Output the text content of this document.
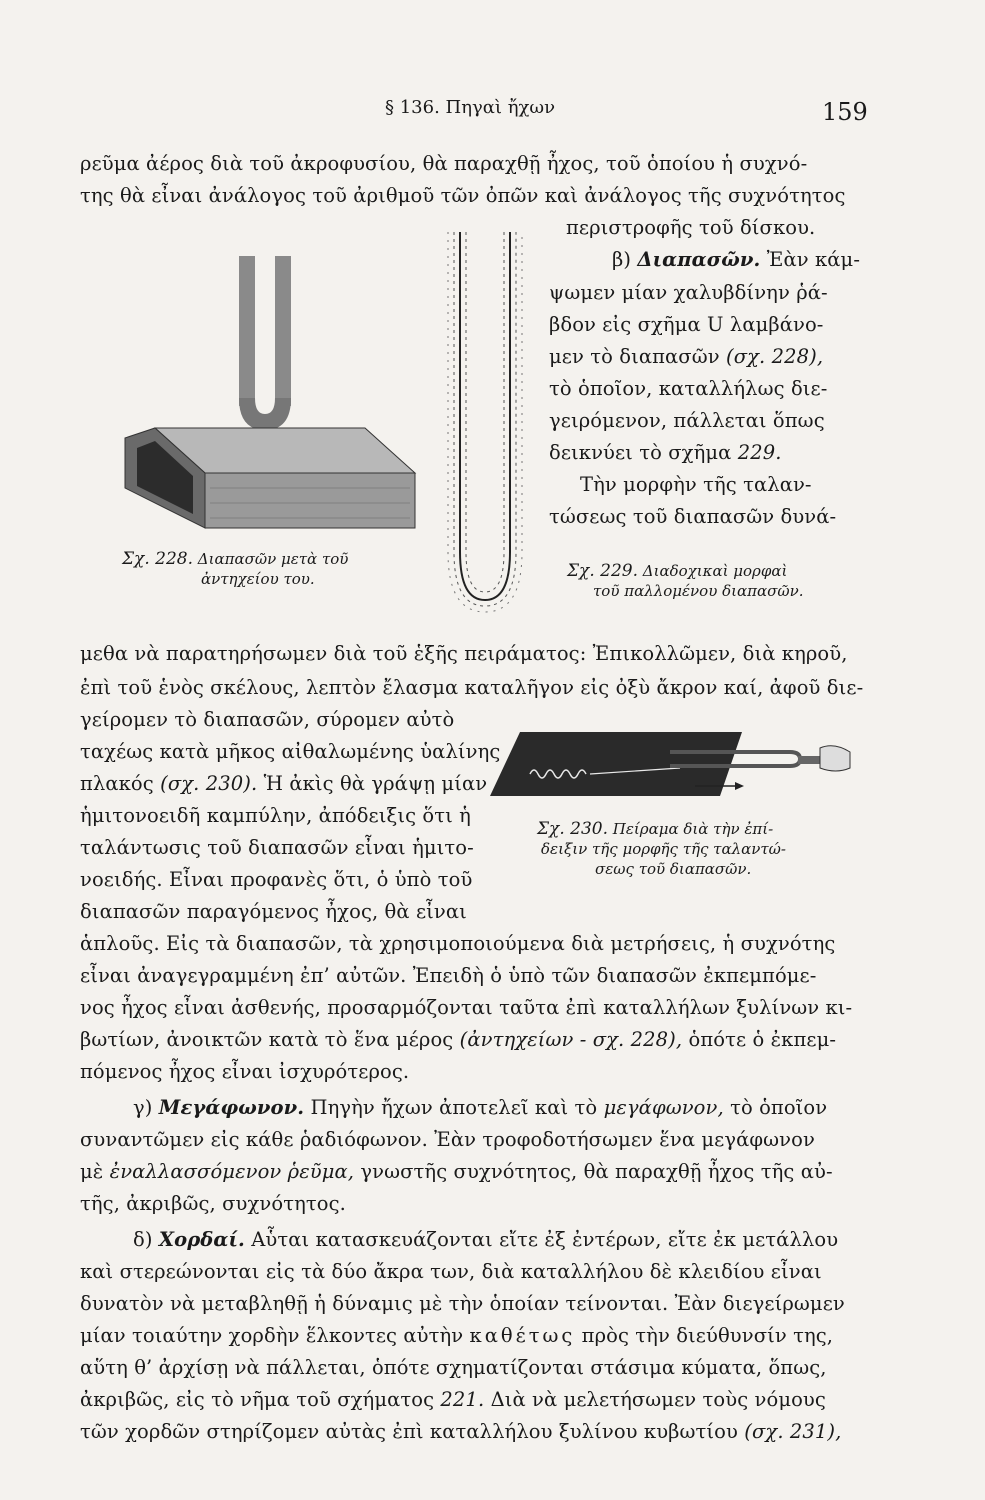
§ 136. Πηγαὶ ἤχων	159
ρεῦμα ἀέρος διὰ τοῦ ἀκροφυσίου, θὰ παραχθῇ ἦχος, τοῦ ὁποίου ἡ συχνό-
της θὰ εἶναι ἀνάλογος τοῦ ἀριθμοῦ τῶν ὀπῶν καὶ ἀνάλογος τῆς συχνότητος
περιστροφῆς τοῦ δίσκου.
β) Διαπασῶν. Ἐὰν κάμ-
ψωμεν μίαν χαλυβδίνην ῥά-
βδον εἰς σχῆμα U λαμβάνο-
μεν τὸ διαπασῶν (σχ. 228),
τὸ ὁποῖον, καταλλήλως διε-
γειρόμενον, πάλλεται ὅπως
δεικνύει τὸ σχῆμα 229.
Τὴν μορφὴν τῆς ταλαν-
τώσεως τοῦ διαπασῶν δυνά-
Σχ. 228. Διαπασῶν μετὰ τοῦ
ἀντηχείου του.	Σχ. 229. Διαδοχικαὶ μορφαὶ
τοῦ παλλομένου διαπασῶν.
μεθα νὰ παρατηρήσωμεν διὰ τοῦ ἑξῆς πειράματος: Ἐπικολλῶμεν, διὰ κηροῦ,
ἐπὶ τοῦ ἑνὸς σκέλους, λεπτὸν ἔλασμα καταλῆγον εἰς ὀξὺ ἄκρον καί, ἀφοῦ διε-
γείρομεν τὸ διαπασῶν, σύρομεν αὐτὸ
ταχέως κατὰ μῆκος αἰθαλωμένης ὑαλίνης
πλακός (σχ. 230). Ἡ ἀκὶς θὰ γράψῃ μίαν
ἡμιτονοειδῆ καμπύλην, ἀπόδειξις ὅτι ἡ
ταλάντωσις τοῦ διαπασῶν εἶναι ἡμιτο-
νοειδής. Εἶναι προφανὲς ὅτι, ὁ ὑπὸ τοῦ
διαπασῶν παραγόμενος ἦχος, θὰ εἶναι
Σχ. 230. Πείραμα διὰ τὴν ἐπί-
δειξιν τῆς μορφῆς τῆς ταλαντώ-
σεως τοῦ διαπασῶν.
ἁπλοῦς. Εἰς τὰ διαπασῶν, τὰ χρησιμοποιούμενα διὰ μετρήσεις, ἡ συχνότης
εἶναι ἀναγεγραμμένη ἐπ’ αὐτῶν. Ἐπειδὴ ὁ ὑπὸ τῶν διαπασῶν ἐκπεμπόμε-
νος ἦχος εἶναι ἀσθενής, προσαρμόζονται ταῦτα ἐπὶ καταλλήλων ξυλίνων κι-
βωτίων, ἀνοικτῶν κατὰ τὸ ἕνα μέρος (ἀντηχείων - σχ. 228), ὁπότε ὁ ἐκπεμ-
πόμενος ἦχος εἶναι ἰσχυρότερος.
γ) Μεγάφωνον. Πηγὴν ἤχων ἀποτελεῖ καὶ τὸ μεγάφωνον, τὸ ὁποῖον
συναντῶμεν εἰς κάθε ῥαδιόφωνον. Ἐὰν τροφοδοτήσωμεν ἕνα μεγάφωνον
μὲ ἐναλλασσόμενον ῥεῦμα, γνωστῆς συχνότητος, θὰ παραχθῇ ἦχος τῆς αὐ-
τῆς, ἀκριβῶς, συχνότητος.
δ) Χορδαί. Αὗται κατασκευάζονται εἴτε ἐξ ἐντέρων, εἴτε ἐκ μετάλλου
καὶ στερεώνονται εἰς τὰ δύο ἄκρα των, διὰ καταλλήλου δὲ κλειδίου εἶναι
δυνατὸν νὰ μεταβληθῇ ἡ δύναμις μὲ τὴν ὁποίαν τείνονται. Ἐὰν διεγείρωμεν
μίαν τοιαύτην χορδὴν ἕλκοντες αὐτὴν καθέτως πρὸς τὴν διεύθυνσίν της,
αὕτη θ’ ἀρχίσῃ νὰ πάλλεται, ὁπότε σχηματίζονται στάσιμα κύματα, ὅπως,
ἀκριβῶς, εἰς τὸ νῆμα τοῦ σχήματος 221. Διὰ νὰ μελετήσωμεν τοὺς νόμους
τῶν χορδῶν στηρίζομεν αὐτὰς ἐπὶ καταλλήλου ξυλίνου κυβωτίου (σχ. 231),
